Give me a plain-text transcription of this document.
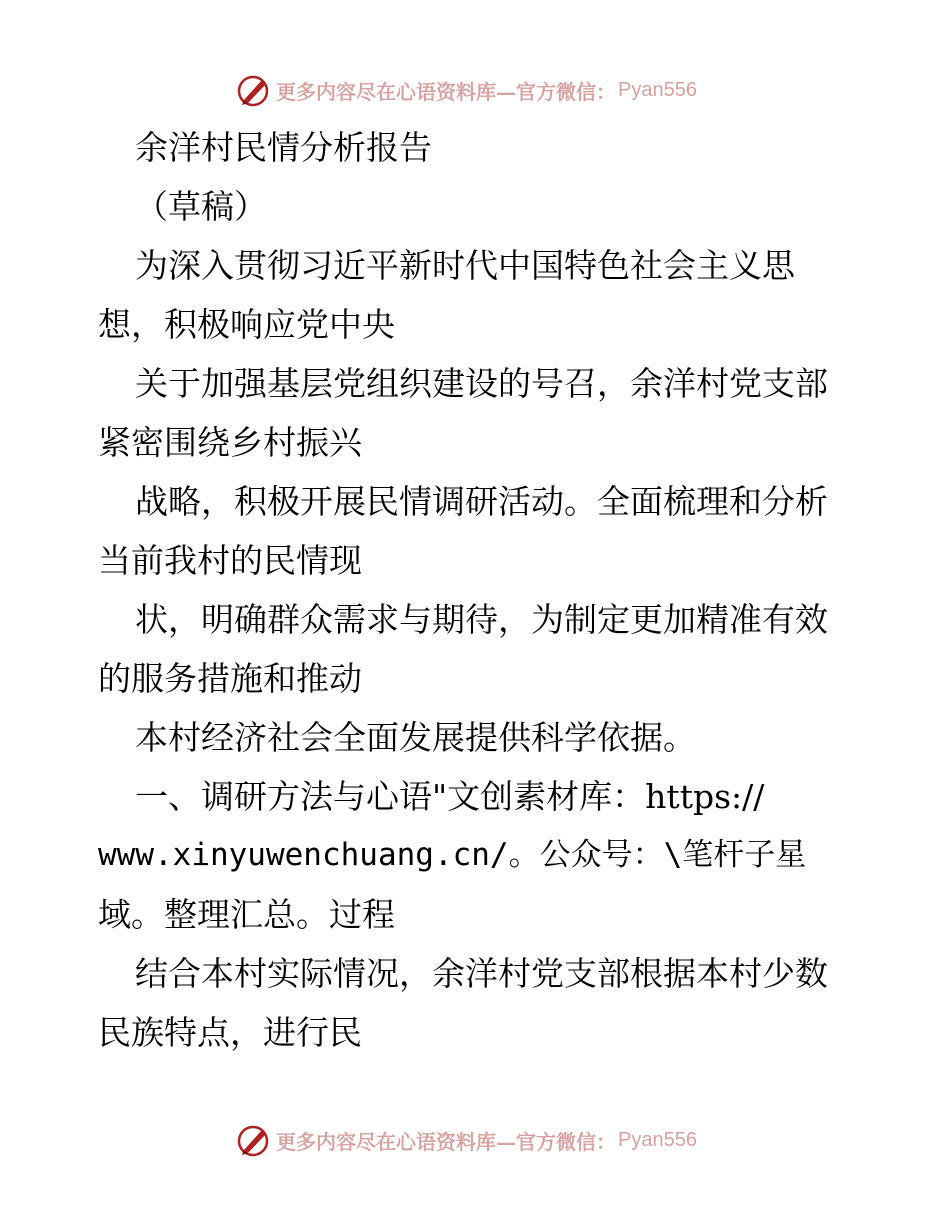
更多内容尽在心语资料库—官方微信： Pyan556
余洋村民情分析报告
（草稿）
为深入贯彻习近平新时代中国特色社会主义思
想，积极响应党中央
关于加强基层党组织建设的号召，余洋村党支部
紧密围绕乡村振兴
战略，积极开展民情调研活动。全面梳理和分析
当前我村的民情现
状，明确群众需求与期待，为制定更加精准有效
的服务措施和推动
本村经济社会全面发展提供科学依据。
一、调研方法与心语"文创素材库：https://
www.xinyuwenchuang.cn/。公众号：\笔杆子星
域。整理汇总。过程
结合本村实际情况，余洋村党支部根据本村少数
民族特点，进行民
更多内容尽在心语资料库—官方微信： Pyan556
